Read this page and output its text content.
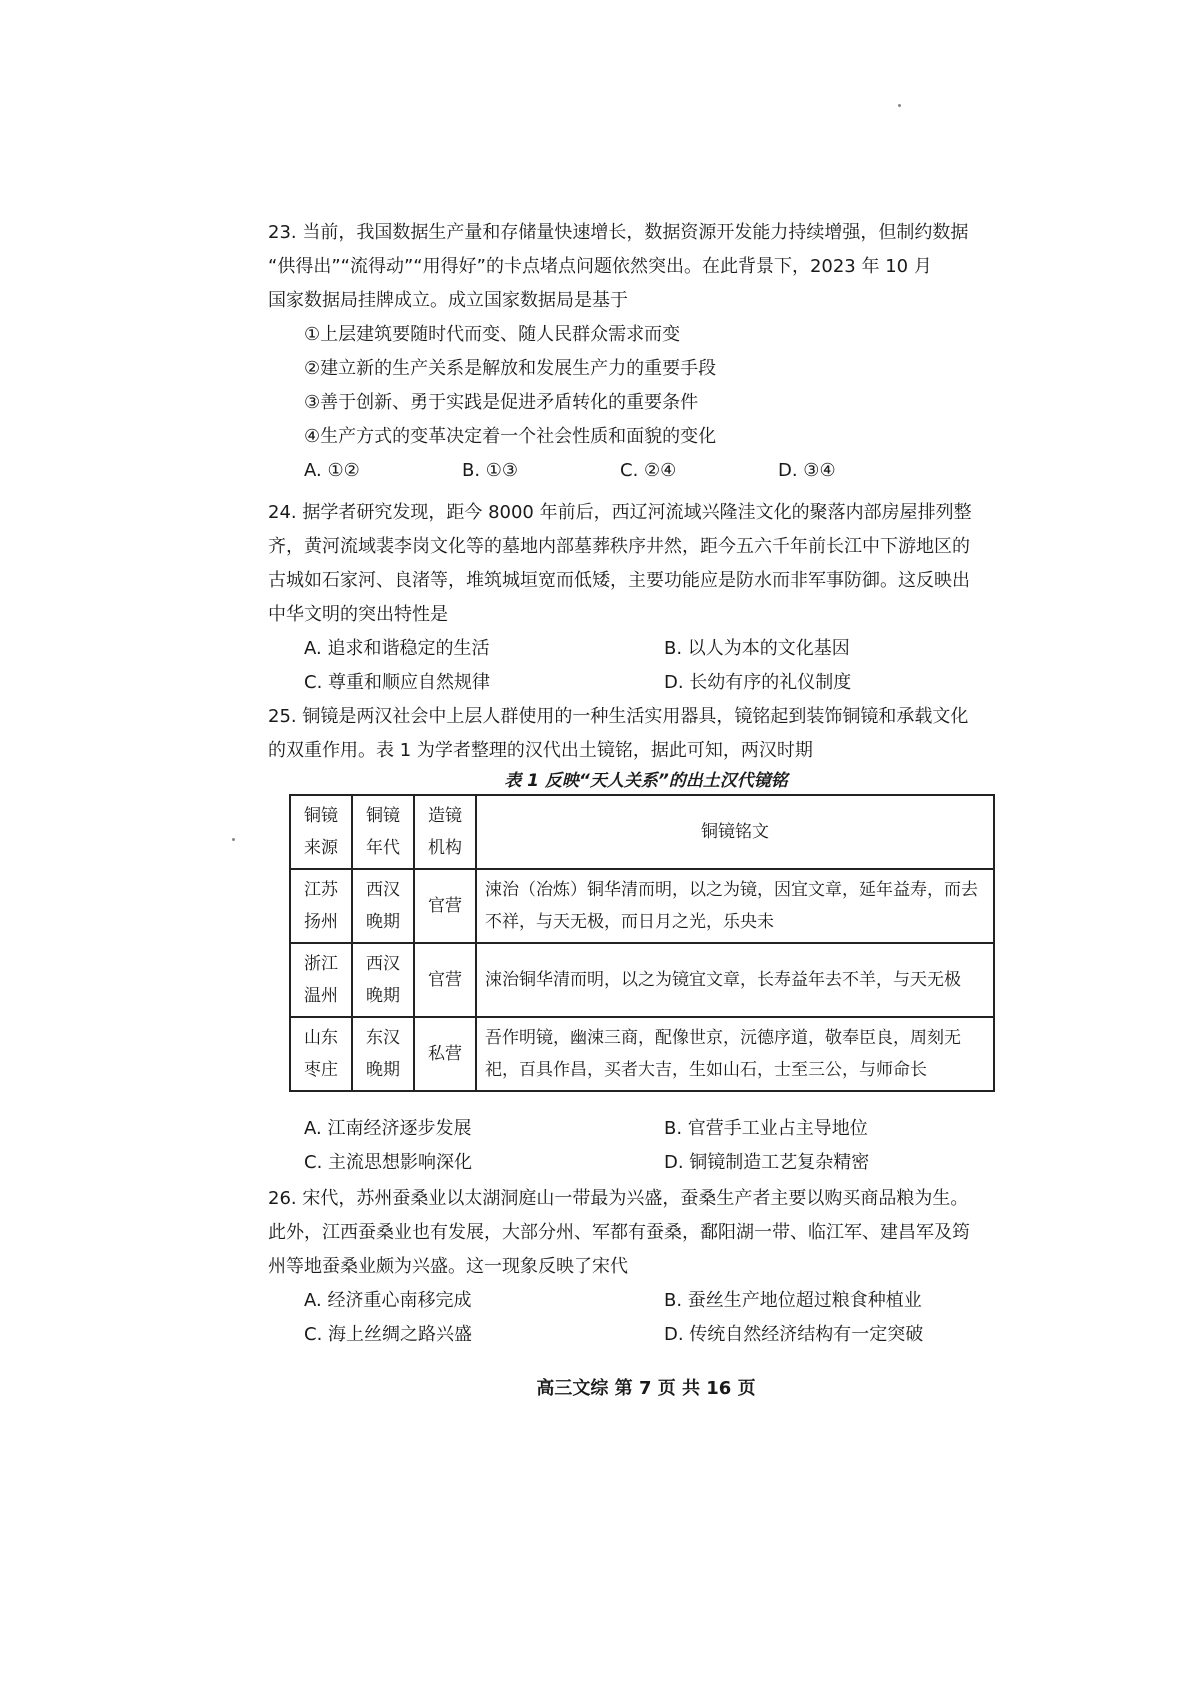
23. 当前，我国数据生产量和存储量快速增长，数据资源开发能力持续增强，但制约数据
“供得出”“流得动”“用得好”的卡点堵点问题依然突出。在此背景下，2023 年 10 月
国家数据局挂牌成立。成立国家数据局是基于
①上层建筑要随时代而变、随人民群众需求而变
②建立新的生产关系是解放和发展生产力的重要手段
③善于创新、勇于实践是促进矛盾转化的重要条件
④生产方式的变革决定着一个社会性质和面貌的变化
A. ①②	B. ①③	C. ②④	D. ③④
24. 据学者研究发现，距今 8000 年前后，西辽河流域兴隆洼文化的聚落内部房屋排列整
齐，黄河流域裴李岗文化等的墓地内部墓葬秩序井然，距今五六千年前长江中下游地区的
古城如石家河、良渚等，堆筑城垣宽而低矮，主要功能应是防水而非军事防御。这反映出
中华文明的突出特性是
A. 追求和谐稳定的生活	B. 以人为本的文化基因
C. 尊重和顺应自然规律	D. 长幼有序的礼仪制度
25. 铜镜是两汉社会中上层人群使用的一种生活实用器具，镜铭起到装饰铜镜和承载文化
的双重作用。表 1 为学者整理的汉代出土镜铭，据此可知，两汉时期
表 1 反映“天人关系”的出土汉代镜铭
铜镜来源	铜镜年代	造镜机构	铜镜铭文
江苏扬州	西汉晚期	官营	涑治（冶炼）铜华清而明，以之为镜，因宜文章，延年益寿，而去不祥，与天无极，而日月之光，乐央未
浙江温州	西汉晚期	官营	涑治铜华清而明，以之为镜宜文章，长寿益年去不羊，与天无极
山东枣庄	东汉晚期	私营	吾作明镜，幽涑三商，配像世京，沅德序道，敬奉臣良，周刻无祀，百具作昌，买者大吉，生如山石，士至三公，与师命长
A. 江南经济逐步发展	B. 官营手工业占主导地位
C. 主流思想影响深化	D. 铜镜制造工艺复杂精密
26. 宋代，苏州蚕桑业以太湖洞庭山一带最为兴盛，蚕桑生产者主要以购买商品粮为生。
此外，江西蚕桑业也有发展，大部分州、军都有蚕桑，鄱阳湖一带、临江军、建昌军及筠
州等地蚕桑业颇为兴盛。这一现象反映了宋代
A. 经济重心南移完成	B. 蚕丝生产地位超过粮食种植业
C. 海上丝绸之路兴盛	D. 传统自然经济结构有一定突破
高三文综 第 7 页 共 16 页
